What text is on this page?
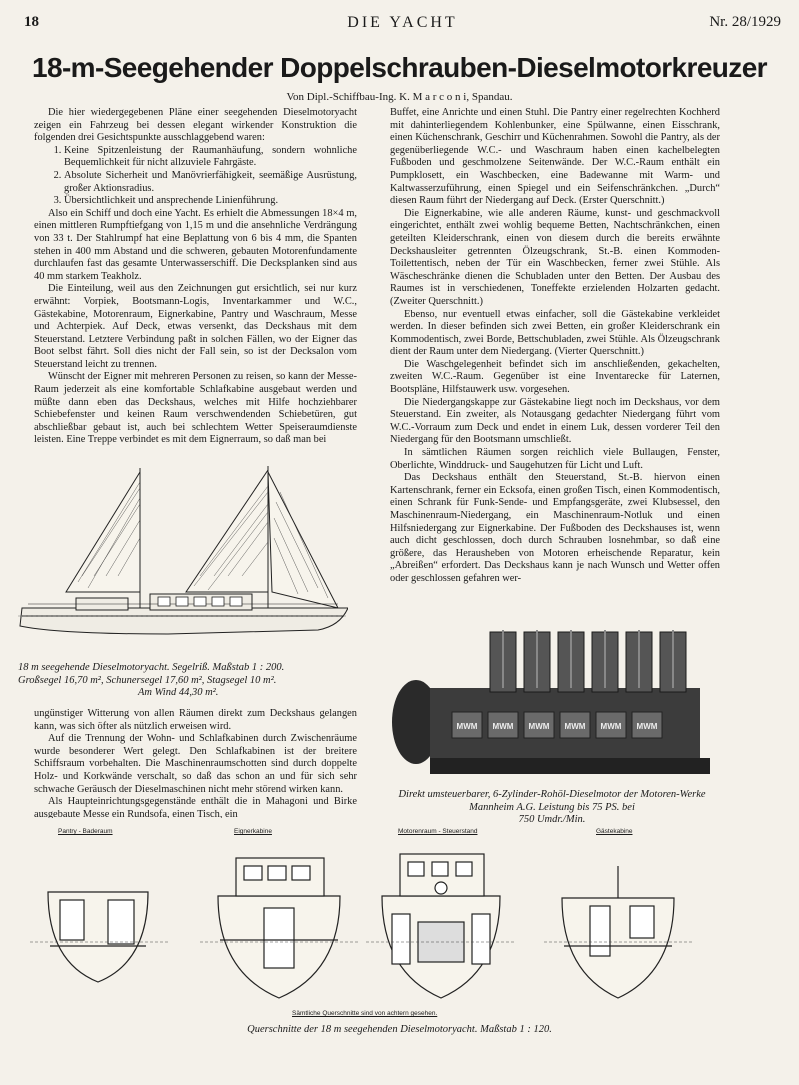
18	DIE YACHT	Nr. 28/1929
18-m-Seegehender Doppelschrauben-Dieselmotorkreuzer
Von Dipl.-Schiffbau-Ing. K. M a r c o n i, Spandau.

Die hier wiedergegebenen Pläne einer seegehenden Dieselmotoryacht zeigen ein Fahrzeug bei dessen elegant wirkender Konstruktion die folgenden drei Gesichtspunkte ausschlaggebend waren:

1. Keine Spitzenleistung der Raumanhäufung, sondern wohnliche Bequemlichkeit für nicht allzuviele Fahrgäste.
2. Absolute Sicherheit und Manövrierfähigkeit, seemäßige Ausrüstung, großer Aktionsradius.
3. Übersichtlichkeit und ansprechende Linienführung.

Also ein Schiff und doch eine Yacht. Es erhielt die Abmessungen 18×4 m, einen mittleren Rumpftiefgang von 1,15 m und die ansehnliche Verdrängung von 33 t. Der Stahlrumpf hat eine Beplattung von 6 bis 4 mm, die Spanten stehen in 400 mm Abstand und die schweren, gebauten Motorenfundamente durchlaufen fast das gesamte Unterwasserschiff. Die Decksplanken sind aus 40 mm starkem Teakholz.

Die Einteilung, weil aus den Zeichnungen gut ersichtlich, sei nur kurz erwähnt: Vorpiek, Bootsmann-Logis, Inventarkammer und W.C., Gästekabine, Motorenraum, Eignerkabine, Pantry und Waschraum, Messe und Achterpiek. Auf Deck, etwas versenkt, das Deckshaus mit dem Steuerstand. Letztere Verbindung paßt in solchen Fällen, wo der Eigner das Boot selbst fährt. Soll dies nicht der Fall sein, so ist der Decksalon vom Steuerstand leicht zu trennen.

Wünscht der Eigner mit mehreren Personen zu reisen, so kann der Messe-Raum jederzeit als eine komfortable Schlafkabine ausgebaut werden und müßte dann eben das Deckshaus, welches mit Hilfe hochziehbarer Schiebefenster und keinen Raum verschwendenden Schiebetüren, gut abschließbar gebaut ist, auch bei schlechtem Wetter Speiseraumdienste leisten. Eine Treppe verbindet es mit dem Eignerraum, so daß man bei

18 m seegehende Dieselmotoryacht. Segelriß. Maßstab 1 : 200.
Großsegel 16,70 m², Schunersegel 17,60 m², Stagsegel 10 m².
Am Wind 44,30 m².

ungünstiger Witterung von allen Räumen direkt zum Deckshaus gelangen kann, was sich öfter als nützlich erweisen wird.

Auf die Trennung der Wohn- und Schlafkabinen durch Zwischenräume wurde besonderer Wert gelegt. Den Schlafkabinen ist der breitere Schiffsraum vorbehalten. Die Maschinenraumschotten sind durch doppelte Holz- und Korkwände verschalt, so daß das schon an und für sich sehr schwache Geräusch der Dieselmaschinen nicht mehr störend wirken kann.

Als Haupteinrichtungsgegenstände enthält die in Mahagoni und Birke ausgebaute Messe ein Rundsofa, einen Tisch, ein

Buffet, eine Anrichte und einen Stuhl. Die Pantry einer regelrechten Kochherd mit dahinterliegendem Kohlenbunker, eine Spülwanne, einen Eisschrank, einen Küchenschrank, Geschirr und Küchenrahmen. Sowohl die Pantry, als der gegenüberliegende W.C.- und Waschraum haben einen kachelbelegten Fußboden und geschmolzene Seitenwände. Der W.C.-Raum enthält ein Pumpklosett, ein Waschbecken, eine Badewanne mit Warm- und Kaltwasserzuführung, einen Spiegel und ein Seifenschränkchen. „Durch“ diesen Raum führt der Niedergang auf Deck. (Erster Querschnitt.)

Die Eignerkabine, wie alle anderen Räume, kunst- und geschmackvoll eingerichtet, enthält zwei wohlig bequeme Betten, Nachtschränkchen, einen geteilten Kleiderschrank, einen von diesem durch die bereits erwähnte Deckshausleiter getrennten Ölzeugschrank, St.-B. einen Kommoden-Toilettentisch, neben der Tür ein Waschbecken, ferner zwei Stühle. Als Wäscheschränke dienen die Schubladen unter den Betten. Der Ausbau des Raumes ist in verschiedenen, Toneffekte erzielenden Holzarten gedacht. (Zweiter Querschnitt.)

Ebenso, nur eventuell etwas einfacher, soll die Gästekabine verkleidet werden. In dieser befinden sich zwei Betten, ein großer Kleiderschrank ein Kommodentisch, zwei Borde, Bettschubladen, zwei Stühle. Als Ölzeugschrank dient der Raum unter dem Niedergang. (Vierter Querschnitt.)

Die Waschgelegenheit befindet sich im anschließenden, gekachelten, zweiten W.C.-Raum. Gegenüber ist eine Inventarecke für Laternen, Bootspläne, Hilfstauwerk usw. vorgesehen.

Die Niedergangskappe zur Gästekabine liegt noch im Deckshaus, vor dem Steuerstand. Ein zweiter, als Notausgang gedachter Niedergang führt vom W.C.-Vorraum zum Deck und endet in einem Luk, dessen vorderer Teil den Niedergang für den Bootsmann umschließt.

In sämtlichen Räumen sorgen reichlich viele Bullaugen, Fenster, Oberlichte, Winddruck- und Saugehutzen für Licht und Luft.

Das Deckshaus enthält den Steuerstand, St.-B. hiervon einen Kartenschrank, ferner ein Ecksofa, einen großen Tisch, einen Kommodentisch, einen Schrank für Funk-Sende- und Empfangsgeräte, zwei Klubsessel, den Maschinenraum-Niedergang, ein Maschinenraum-Notluk und einen Hilfsniedergang zur Eignerkabine. Der Fußboden des Deckshauses ist, wenn auch dicht geschlossen, doch durch Schrauben losnehmbar, so daß eine größere, das Herausheben von Motoren erheischende Reparatur, kein „Abreißen“ erfordert. Das Deckshaus kann je nach Wunsch und Wetter offen oder geschlossen gefahren wer-

MWM MWM MWM MWM MWM MWM
Direkt umsteuerbarer, 6-Zylinder-Rohöl-Dieselmotor der Motoren-Werke Mannheim A.G. Leistung bis 75 PS. bei
750 Umdr./Min.
Pantry - Baderaum	Eignerkabine	Motorenraum - Steuerstand	Gästekabine
Sämtliche Querschnitte sind von achtern gesehen.
Querschnitte der 18 m seegehenden Dieselmotoryacht. Maßstab 1 : 120.
